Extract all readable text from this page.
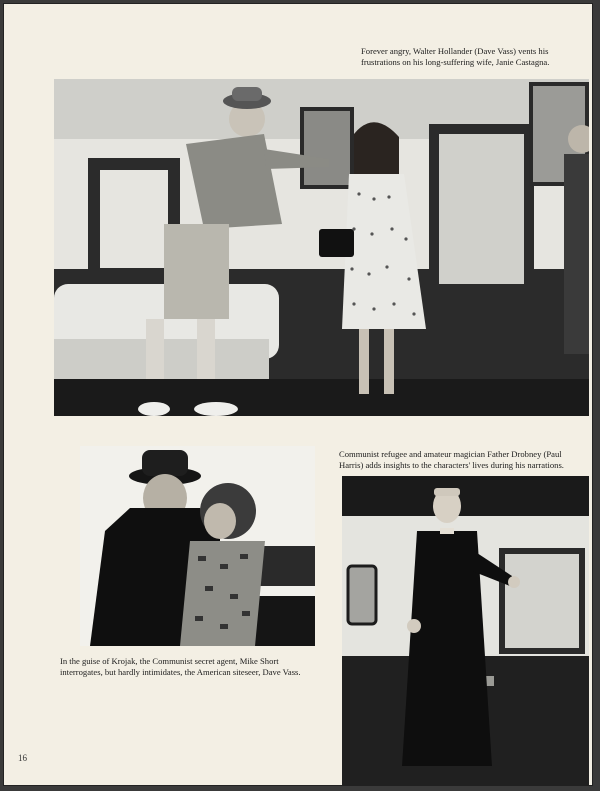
Forever angry, Walter Hollander (Dave Vass) vents his frustrations on his long-suffering wife, Janie Castagna.
Communist refugee and amateur magician Father Drobney (Paul Harris) adds insights to the characters' lives during his narrations.
In the guise of Krojak, the Communist secret agent, Mike Short interrogates, but hardly intimidates, the American siteseer, Dave Vass.
16
